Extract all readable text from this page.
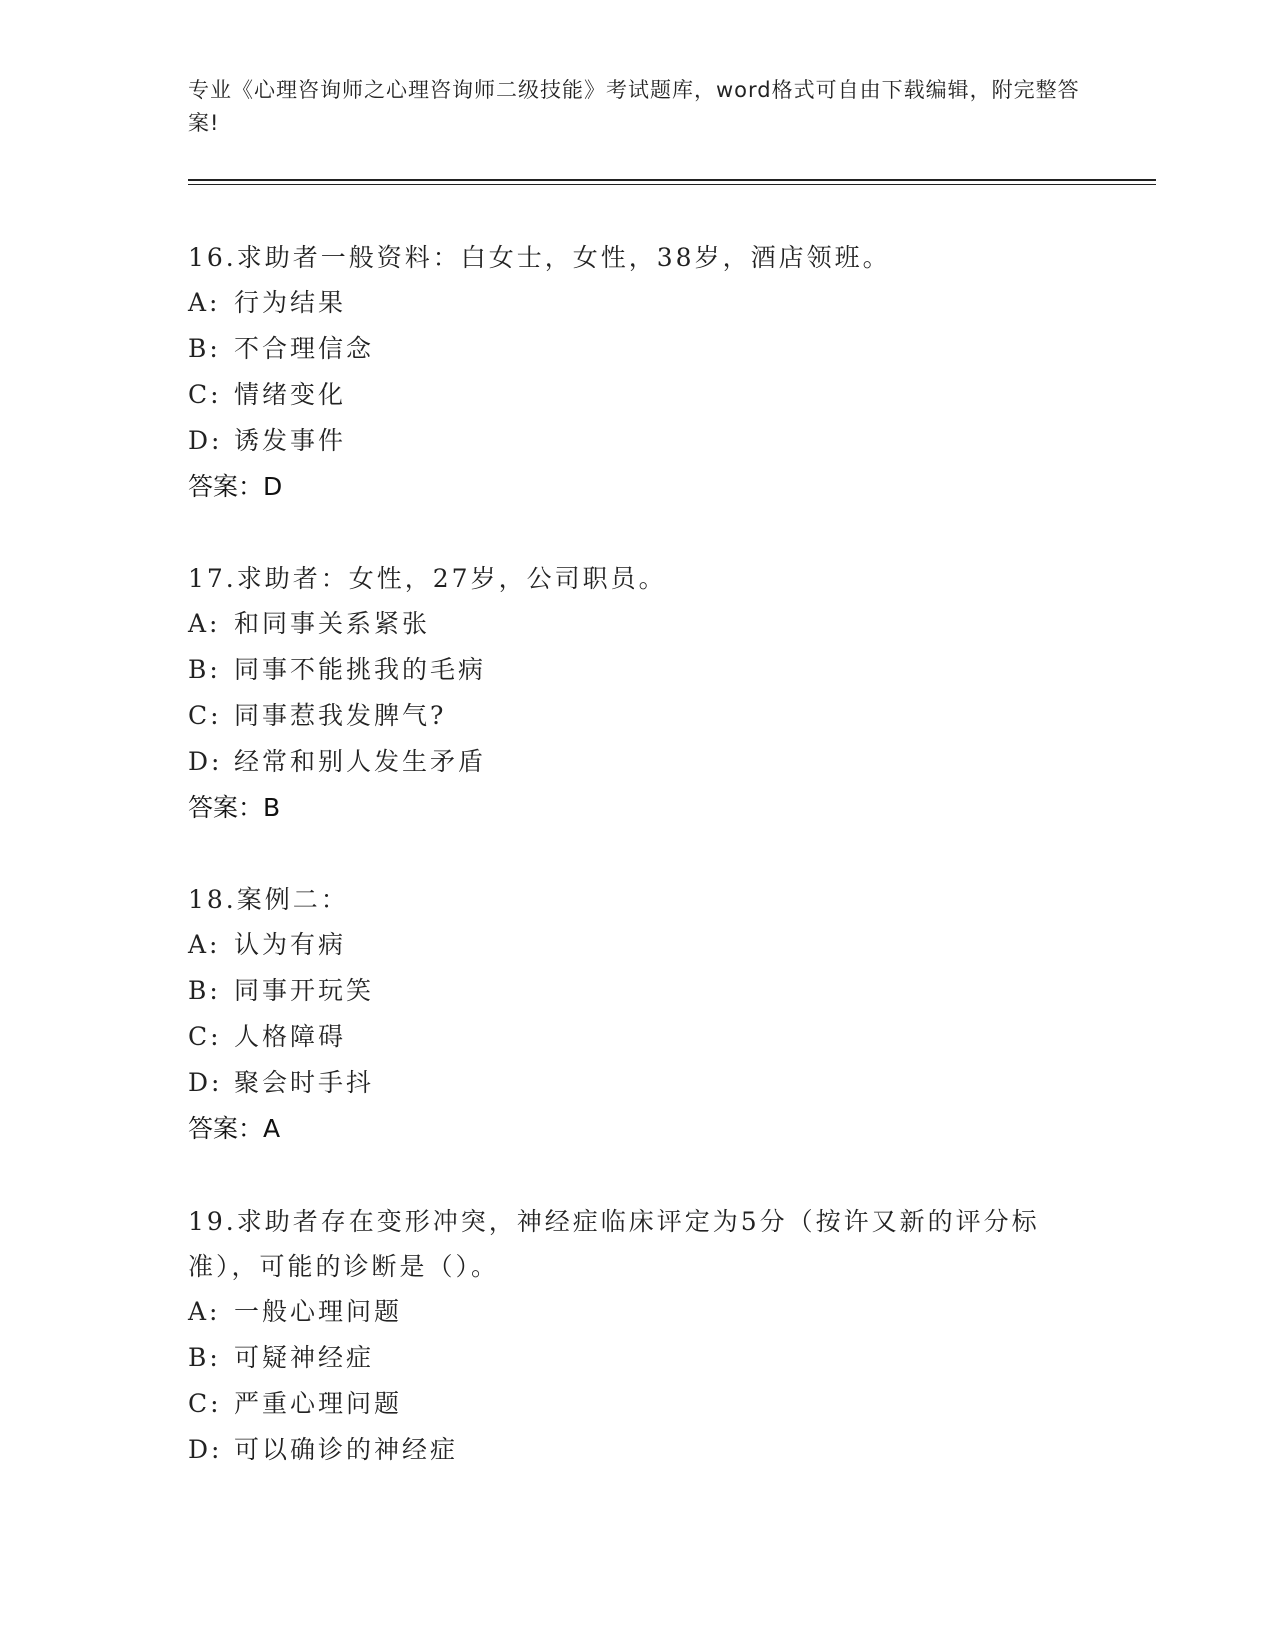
专业《心理咨询师之心理咨询师二级技能》考试题库，word格式可自由下载编辑，附完整答案!
16.求助者一般资料：白女士，女性，38岁，酒店领班。
A: 行为结果
B: 不合理信念
C: 情绪变化
D: 诱发事件
答案：D
17.求助者：女性，27岁，公司职员。
A: 和同事关系紧张
B: 同事不能挑我的毛病
C: 同事惹我发脾气?
D: 经常和别人发生矛盾
答案：B
18.案例二：
A: 认为有病
B: 同事开玩笑
C: 人格障碍
D: 聚会时手抖
答案：A
19.求助者存在变形冲突，神经症临床评定为5分（按许又新的评分标准），可能的诊断是（）。
A: 一般心理问题
B: 可疑神经症
C: 严重心理问题
D: 可以确诊的神经症
